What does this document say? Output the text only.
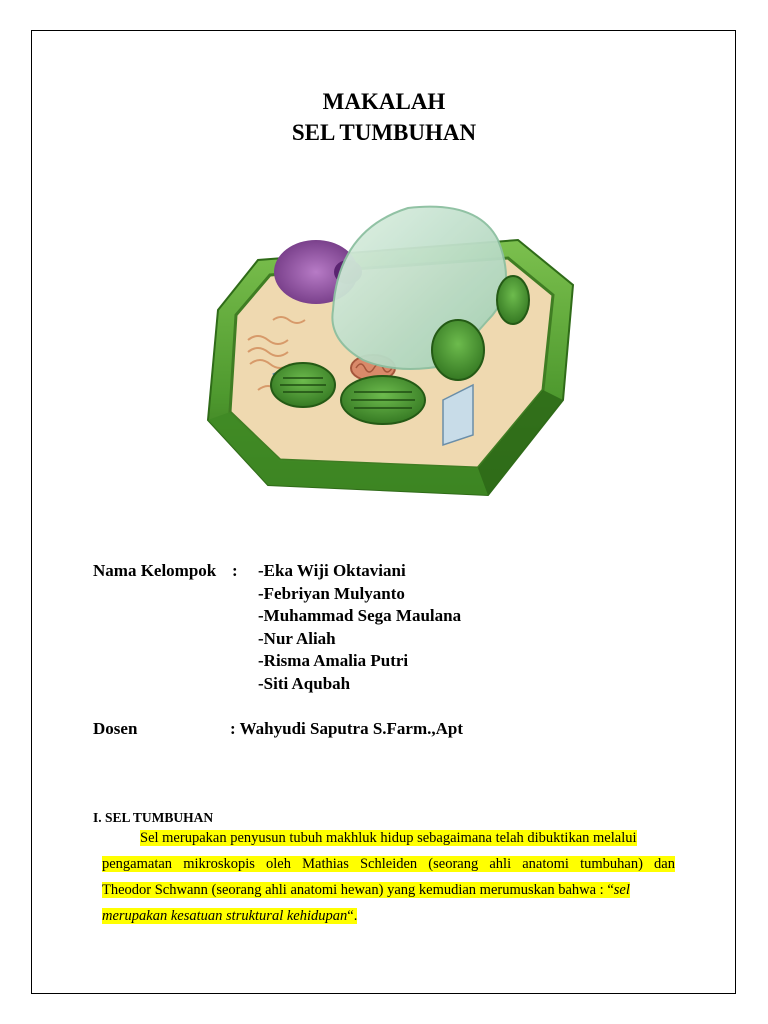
MAKALAH
SEL TUMBUHAN
Nama Kelompok : -Eka Wiji Oktaviani
-Febriyan Mulyanto
-Muhammad Sega Maulana
-Nur Aliah
-Risma Amalia Putri
-Siti Aqubah
Dosen	: Wahyudi Saputra S.Farm.,Apt
I. SEL TUMBUHAN
Sel merupakan penyusun tubuh makhluk hidup sebagaimana telah dibuktikan melalui
pengamatan mikroskopis oleh Mathias Schleiden (seorang ahli anatomi tumbuhan) dan
Theodor Schwann (seorang ahli anatomi hewan) yang kemudian merumuskan bahwa : “sel
merupakan kesatuan struktural kehidupan“.
